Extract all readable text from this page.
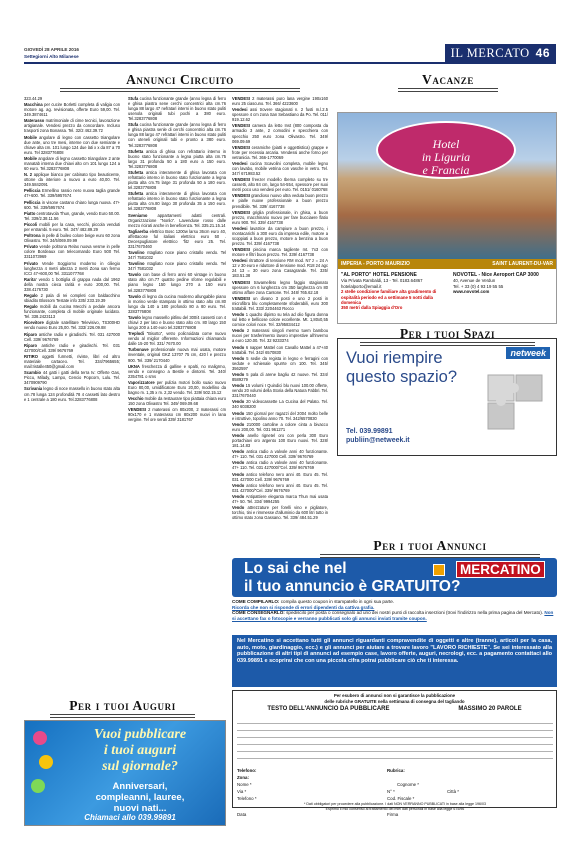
GIOVEDÌ 28 APRILE 2016
Settegiorni Alto Milanese	IL MERCATO 46
Annunci Circuito	Vacanze
Per i tuoi Spazi
Per i tuoi Annunci
Per i tuoi Auguri

323.44.29

Macchina per cucire Borletti completa di valigia con motore ag. ag. revisionata, offerte Euro 59,00. Tel. 349.3874611

Materasso matrimoniale di cime tecnici, lavorazione artigianale. Vendesi prezzo da concordare. Incluso trasporti zona Bonassa. Tel. 32/2 462.39.72

Mobile angolare di legno con cassetto triangolare due ante, uno tre mesi, interne con due semiante e chiave alta cm. 101 lungo 124 due lati x x da 87 a 70 euro. Tel 3283776808

Mobile angolare di legno cassetto triangolare 2 ante manatab interna due chiavi alto cm 101 lungo 124 a 60 euro. Tel.3283776808

N. 2 applique bianco per cabinato tipo beauticente, ottone da interiore a nuovo a euro 40,00. Tel. 349.5842091

Pelliccia Ermellino rassio nero nuova taglia grande 47+600. Tel. 339/5957674

Pelliccia in visone castano chiaro lunga nuova. 47+ 600. Tel. 339/5957674

Piatto centrotavola Thun, grande, vendo Euro 50.00. Tel. 339/2.38.11.56

Piccoli mobili per la casa, vecchi, piccola venduti per entrambi. 5 euro. Tel. 347/ 482.89.29

Poltrona in pelle di buileo colore beige euro 60 zona Olivastro. Tel. 34/5/069.09.99

Privato vende poltrona Relax nuova vesme in pelle colore Bordeaux con telecomando Euro 500 Tel. 3311073969

Privato Vende Soggiorno moderno in ciliegio lunghezza 4 metri altezza 2 metri Zona san fermo ICCI 47+600,00 Tel. 3311077768

Rarita' vendo 1 bottiglia di grappa nada dal 1962 della nostra cieca rarità e euro 200,00. Tel. 338.4176730

Regalo 2 pala di rei completi con baldacchino sbiadito Blossom Testate info 335/ 233.19.39

Regalo mobili da cucina Mecchi a pedale ancora funzionante, completa di mobile originale lucidato. Tel. 338.2423113

Ricevitore digitale satellitare Televisivo, TS300HD vendo nuovo Euro 25,00. Tel. 333/ 226.09.88

Riparo antiche radio e giradischi. Tel. 031 427000 Cell. 339/ 9676769

Riparo antiche radio e giradischi. Tel. 031 427000/Cell. 339/ 9676769

RITIRO oggetti furmetti, riviste, libri ed altro materiale cartaceo. Tel. 334/7965655; mail:ristalle450@gmail.com

Scambio 44 gatti i gatti della terra tv: Offerte Gas, Piccu, Milady, Lampo, Cencio Popcorn, Lulu. Tel. 3470909790

Scrivania legno di noce massello in buono stato alta cm.78 lunga 124 profondità 78 4 cassetti lato destro e 1 centrale a 180 euro. Tel.3283776808

Stufa cucina funzionante grande (anno legna di ferro e ghisa piastra sene cerchi concentrici alta cm.76 lunga 88 largo 47 nefratari interni in buono stato puliti usenola originali tubi pochi a 380 euro. Tel.3283776808

Stufa cucina funzionante grande (anno legna di ferro e ghisa piastra senle di cerchi concentrici alta cm.76 lunga 88 largo 47 refrattari interni in buono stato puliti con uteneli originali tubi e pronto a 380 euro. Tel.3283776808

Stufetta antica di ghisa con refrattario interno in buono stato funzionante a legna piutta alta cm.75 largo 31 profonda 50 a 180 euro a 150 euro. Tel.3283776808

Stufetta antica interamente di ghisa lavorata con refrattario interno in buono stato funzionante a legna piutta alta cm.75 large 31 profonda 50 a 180 euro. tel.3283776808

Stufetta antica interamente di ghisa lavorata con refrattario interno in buono stato funzionante a legna piutta alta cm.80 largo 30 profonda 35 a 150 euro. tel.3283776808

Sveniamo appartamenti adatti centrali. Organizzazione "Nonlo". Lavenduse rosso dalle mezzo ricirati anche in beneficenza. Tel. 335.21.15.14

Tagliaerba elettrico Bosc 1200w larsu 36cm euro 40, affettacose ful italiani elettrico euro 50 . Decespugliatore elettrico 'fitz euro 25. Tel. 331/7670460

Tavolino ntagliato noce piano cristallo vendo. Tel 347/ 7581032

Tavolino ntagliato noce piano cristallo vendo. Tel 347/ 7581032

Tavolo con base di ferro anni 60 vintage in buono stato alto cm.77 quattro pedine sforne regolabili e piano legno 150 lungo 270 a 150 euro tel.3283776808

Tavolo di legno da cucina moderno allungabile piano in morino verde stampato in ottimo stato alto cm.80 lungo da 140 a 180 profondo 80 a 80 euro. Tel. 3283776808

Tavolo legno massello pitlinu del 300/4 cassetti con 4 chiavi 2 per lato e buono stato alto cm. 80 largo 150 lungo 200 a 140 euro tel.3283776808

Treplodi "Bisotto", vetro policroidata come nuovo vendo al miglior offerente. Informazioni chiamando dalle 15-20 Tel. 331/ 7670.00

Turbonave professionale nuova mai usata, motore inventale, original GKZ 13707 75 cm, 420 l e prezzo 900. Tel. 339/ 2170440

UKNA freschezza di galline e spalti, no maligrmo, vendo e consegno a Bestle e dintorni. Tel. 340/ 2354781 o sms

Vaporizzatore per pulizia motori bollo suaio nuovo Euro 80,00, umidificatore Euro 20,00, modellino da bagno m. 1,35 x m. 2,32 vendo. Tel. 339/ 502.15.12

Vecchio mobile da restaurare tipo piattaia chiara euro 150 zona Olivastro Tel. 349/ 069.09.68

VENDESI 2 materassi cm 80x200, 2 materassi cm 90x170 e 1 materasso cm 80x200 nuovi in lana vergine. Tel ore serali 339/ 3181767

VENDESI 2 materassi puro lana vergine 190x160 euro 25 ciascuno. Tel. 366/ 4223600

Vendesi assi trovere stagionati n. 2 fusti m.l.2.5 spessore 4 cm zona San Sebastiano da Po. Tel. 011/ 919.12.62

VENDESI camera da letto Inst (800 composta da armadio 3 ante, 2 comodini e specchiera con specchio 250 euro zona Olivastro. Tel. 349/ 069.09.69

VENDESI ceramiche (piatti e oggettistica) grappe e frote per recessia arcaria. Vendessi anche forno per vetranicia. Tel. 366-1770069

Vendesi cucina Scavolini completa, mobile legno con lavabo, mobile vetrina con vasche in vetro. Tel. 347/ 671983.52

VENDESI freezer modello Iberna completo su tre cassetti, alto 84 cm, largo 54-554, spessore per suoi metri poco uso vendesi per euro. Tel. 0151/ 0160768

VENDESI grandioso nuovo ultra veduta buon prezzo e pialle nuove professionale a buon prezzo prendibile. Tel. 339/ 4167738

VENDESI griglia professionale, in ghisa, a buon prezzo, macchinario nuovo per fare bucciaere flatio euro 900. Tel. 339/ 4167738

Vendesi lavatrice da campiure a buon prezzo, i montacarichi a 300 euro da impresa edile, motore a scoppiati a buon prezzo, motore a benzina a buon prezzo. Tel. 339/ 4167738

VENDESI piscina marca tagliente mt. 7x3 con motore e filtri buon prezzo. Tel. 339/ 4167738

Vendesi ritrattore di tensione RM mod. N7 z = 24 A 12 v 30 euro e riduttore di tensione mod. R18 24 agc 24 13 = 30 euro zona Casagrande. Tel. 335/ 183.51.38

VENDESI travamelleto legno faggio stagionato spessore cm 6 lunghezza cm 350 larghezza cm 80 ottimo affare zona Cantone. Tel. 348/ 765.62.18

VENDESI un divano 3 posti e uno 2 posti in microfibra blu completamente sfoderabili, euro 300 trattabili. Tel. 333/ 2204463 Rocco

Vendo 1 quadro dipinto su tela ad olio figura donna sul letto e bellicose colore eccellente. Mt. 1,80x0,55 cornice colori noce. Tel. 32/95834412

Vendo 2 materassi singoli mermo tuem bambou nuovi per trasferimento lavoro imprestive all'inverno a euro 120.00. Tel. 32 9233374

Vendo 6 nappe! Mattel con Cavallo Mattel a 47+40 trattabili. Tel. 342/ 6570830

Vendo 5 sedie da regista in legno e ferragini con sedute e schienale spurrte cm 100. Tel. 345/ 3562597

Vendo 5 pala di arene bagliu 42 nuove. Tel. 334/ 8589279

Vendo 15 volumi I Quindici blu nuovi 100.00 offerte, vendo 20 volumi della Storia della Natura Fabbri. Tel. 331/7670440

Vendo 20 videocassette La Cucina del Palato. Tel. 340 6038200

Vendo 150 giornal per ragazzi del 2004 molto belle e istruttive, topolino anno 70. Tel. 342/6570830

Vendo 210000 cartoline a colore cinta a bivacco euro 200,00. Tel. 031 961271

Vendo anello rignetel oro con perla 300 Euro portachiavi oro argento 100 Euro nuovi. Tel. 328/ 181.14.83

Vendo antica radio a valvole anni 40 funzionante. 47+ 110. Tel. 031 427000 Cell. 339/ 9676769

Vendo antica radio a valvole anni 40 funzionante. 47+ 110. Tel. 031 427000/"Cel. 339/ 9676769

Vendo antico telefono nero anni 40. Euro 45. Tel. 031 427000 Cell. 339/ 9676769

Vendo antico telefono nero anni 40. Euro 45. Tel. 031 427000/"Cel. 339/ 9676769

Vendo Antipattiere eleganta marca Thun mai usata 47+ 50. Tel. 334/ 9994255

Vendo attrezzature per forelli vino e pigliatore, torchio, tini e rimmesse d'alluminio da 600 litri tutto in ottimo stato zona Gassano. Tel. 339/ 484.51.29

Hotel
in Liguria
e Francia
IMPERIA - PORTO MAURIZIO	SAINT LAURENT-DU-VAR
"AL PORTO" HOTEL PENSIONE
Via Privata Rambaldi, 13 - Tel. 0183.64867
hotelalporto@email.it
2 stelle condizione familiare alta gradimento di ospitalità periodo ed a settimane 5 notti dalla domenica
350 metri dalla Spiaggia d'Oro
NOVOTEL - Nice Aeroport CAP 3000
40, Avenue de Verdun
Tel. + 33 (0) 4 93 19 55 55
www.novotel.com
Vuoi riempire
questo spazio?
netweek
Tel. 039.99891
publiin@netweek.it
Lo sai che nel	MERCATINO
il tuo annuncio è GRATUITO?
COME COMPILARLO: compila questo coupon in stampatello in ogni sua parte.
Ricorda che non si risponde di errori dipendenti da cattiva grafia.
COME CONSEGNARLO: spediscilo per posta o consegnalo ad uno dei nostri punti di raccolta inserzioni (trovi l'indirizzo nella prima pagina del Mercato). Non si accettano fax o fotocopie e verranno pubblicati solo gli annunci inviati tramite coupon.
Nel Mercatino si accettano tutti gli annunci riguardanti compravendite di oggetti e altre (tranne), articoli per la casa, auto, moto, giardinaggio, ecc.) e gli annunci per aiutare a trovare lavoro "LAVORO RICHIESTE". Se sei interessato alla pubblicazione di altri tipi di annunci ad esempio case, lavoro offerte, auguri, necrologi, ecc. a pagamento contattaci allo 039.99891 e scoprirai che con una piccola cifra potrai pubblicare ciò che ti interessa.
Per esubero di annunci non si garantisce la pubblicazione
delle rubriche GRATUITE nella settimana di consegna del tagliando
TESTO DELL'ANNUNCIO DA PUBBLICARE	MASSIMO 20 PAROLE
Telefono:	Rubrica:
Zona:
Nome *	Cognome *
Via *	N° *	Città *
Telefono *	Cod. Fiscale *
* Dati obbligatori per procedere alla pubblicazione. I dati NON VERRANNO PUBBLICATI in base alla legge 196/03
Esprimo il mio consenso al trattamento dei miei dati personali in base alla legge 675/96
Data	Firma
Vuoi pubblicare
i tuoi auguri
sul giornale?
Anniversari,
compleanni, lauree,
nuovi nati...
Chiamaci allo 039.99891
